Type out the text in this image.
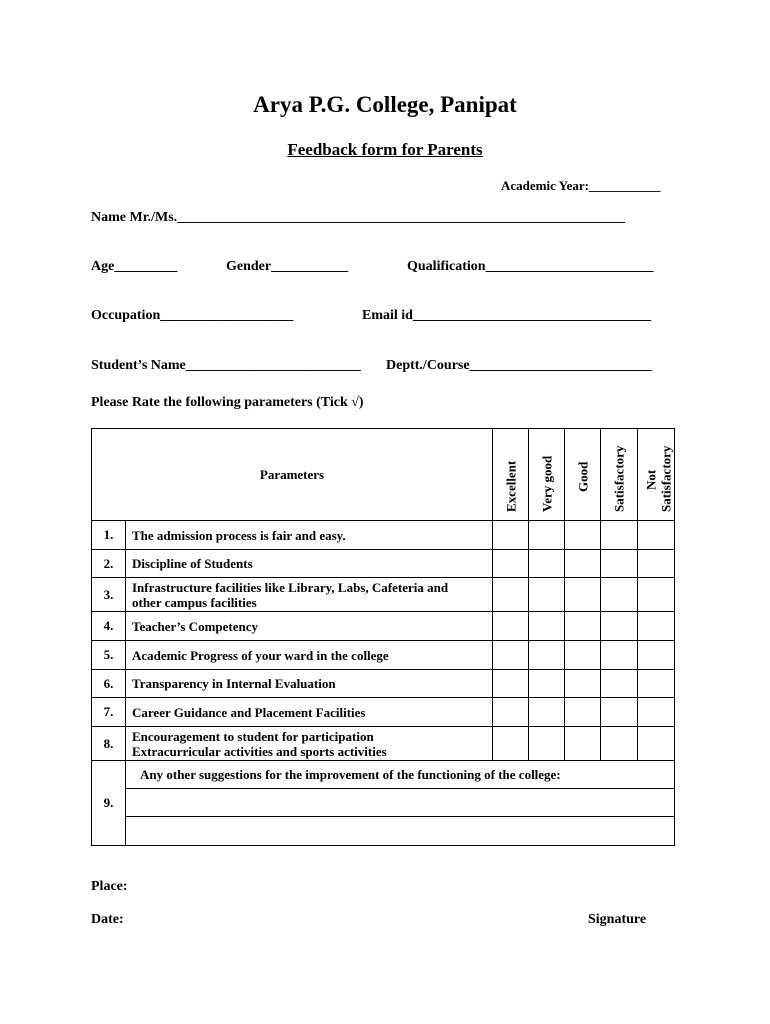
Arya P.G. College, Panipat
Feedback form for Parents
Academic Year:___________
Name Mr./Ms.________________________________________________________________
Age_________	Gender___________	Qualification________________________
Occupation___________________	Email id__________________________________
Student’s Name_________________________ Deptt./Course__________________________
Please Rate the following parameters (Tick √)
Parameters		Excellent	Very good	Good	Satisfactory	Not Satisfactory

1.	The admission process is fair and easy.					
2.	Discipline of Students					
3.	Infrastructure facilities like Library, Labs, Cafeteria and
other campus facilities					

4.	Teacher’s Competency					
5.	Academic Progress of your ward in the college					
6.	Transparency in Internal Evaluation					
7.	Career Guidance and Placement Facilities					
8.	Encouragement to student for participation
Extracurricular activities and sports activities					

9.	Any other suggestions for the improvement of the functioning of the college:					

Place:
Date:	Signature
